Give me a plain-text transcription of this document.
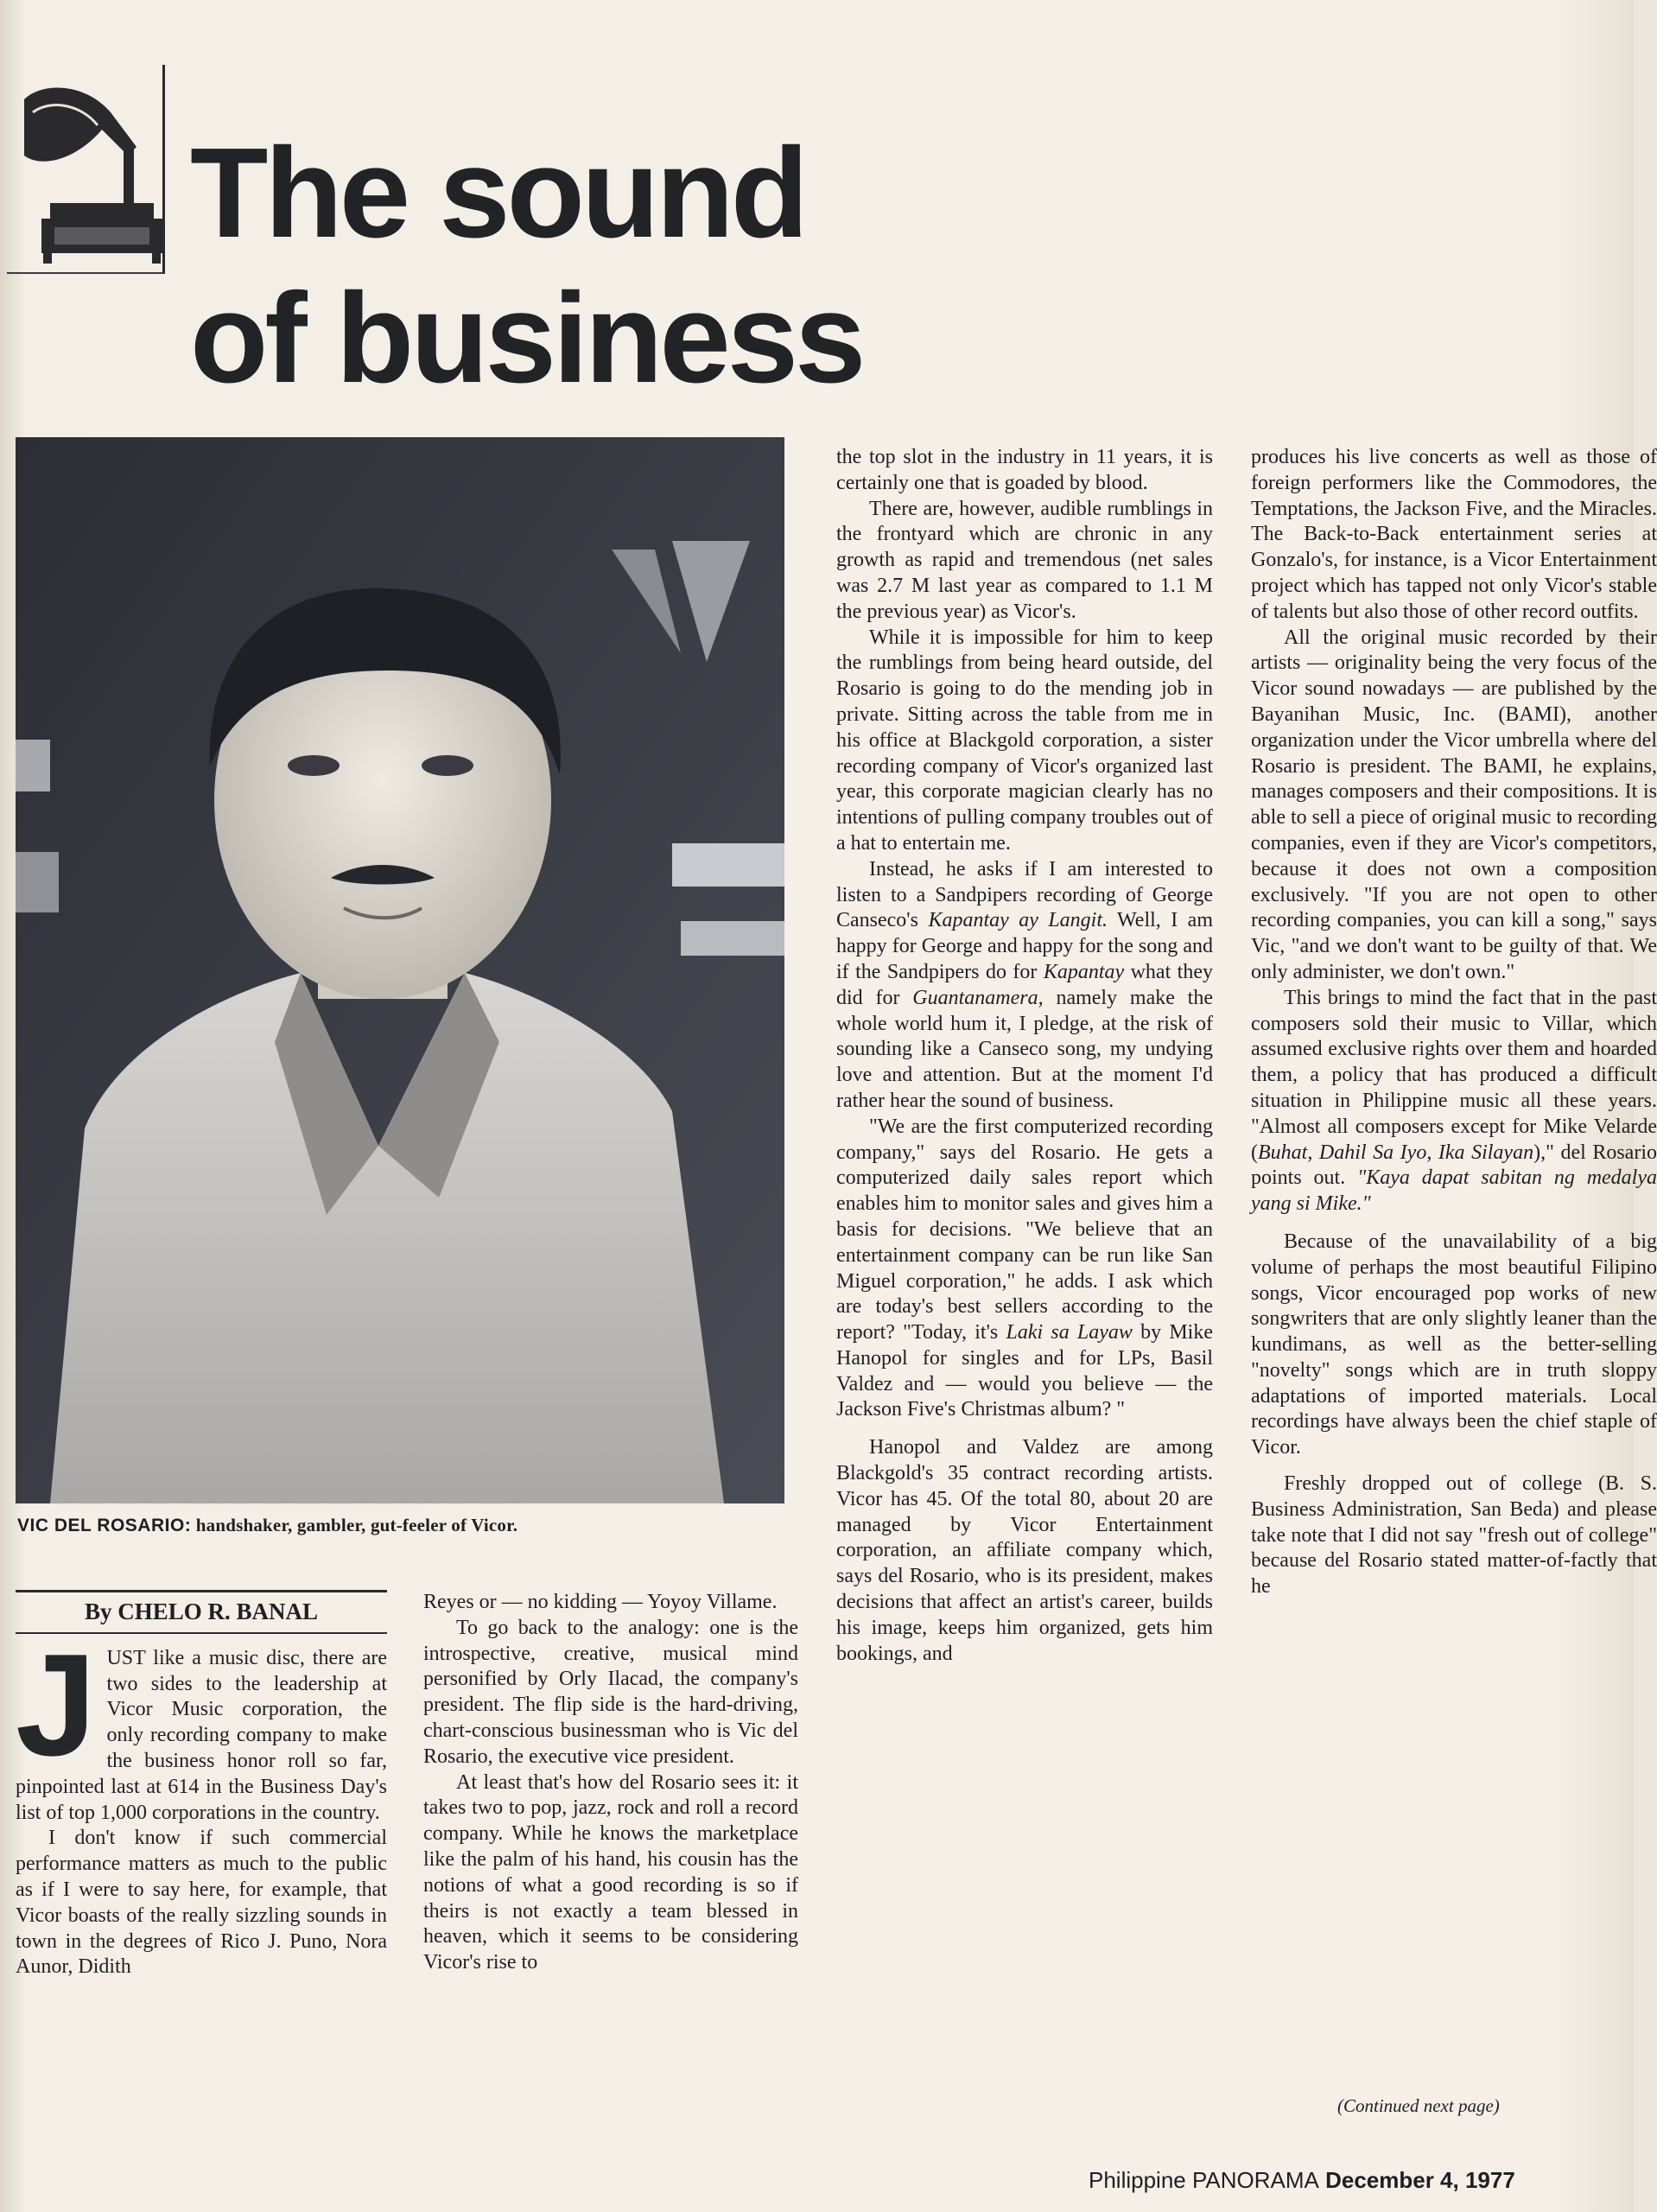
The sound
of business
VIC DEL ROSARIO: handshaker, gambler, gut-feeler of Vicor.
By CHELO R. BANAL

JUST like a music disc, there are two sides to the leadership at Vicor Music corporation, the only recording company to make the business honor roll so far, pinpointed last at 614 in the Business Day's list of top 1,000 corporations in the country.

I don't know if such commercial performance matters as much to the public as if I were to say here, for example, that Vicor boasts of the really sizzling sounds in town in the degrees of Rico J. Puno, Nora Aunor, Didith

Reyes or — no kidding — Yoyoy Villame.

To go back to the analogy: one is the introspective, creative, musical mind personified by Orly Ilacad, the company's president. The flip side is the hard-driving, chart-conscious businessman who is Vic del Rosario, the executive vice president.

At least that's how del Rosario sees it: it takes two to pop, jazz, rock and roll a record company. While he knows the marketplace like the palm of his hand, his cousin has the notions of what a good recording is so if theirs is not exactly a team blessed in heaven, which it seems to be considering Vicor's rise to

the top slot in the industry in 11 years, it is certainly one that is goaded by blood.

There are, however, audible rumblings in the frontyard which are chronic in any growth as rapid and tremendous (net sales was 2.7 M last year as compared to 1.1 M the previous year) as Vicor's.

While it is impossible for him to keep the rumblings from being heard outside, del Rosario is going to do the mending job in private. Sitting across the table from me in his office at Blackgold corporation, a sister recording company of Vicor's organized last year, this corporate magician clearly has no intentions of pulling company troubles out of a hat to entertain me.

Instead, he asks if I am interested to listen to a Sandpipers recording of George Canseco's Kapantay ay Langit. Well, I am happy for George and happy for the song and if the Sandpipers do for Kapantay what they did for Guantanamera, namely make the whole world hum it, I pledge, at the risk of sounding like a Canseco song, my undying love and attention. But at the moment I'd rather hear the sound of business.

"We are the first computerized recording company," says del Rosario. He gets a computerized daily sales report which enables him to monitor sales and gives him a basis for decisions. "We believe that an entertainment company can be run like San Miguel corporation," he adds. I ask which are today's best sellers according to the report? "Today, it's Laki sa Layaw by Mike Hanopol for singles and for LPs, Basil Valdez and — would you believe — the Jackson Five's Christmas album? "

Hanopol and Valdez are among Blackgold's 35 contract recording artists. Vicor has 45. Of the total 80, about 20 are managed by Vicor Entertainment corporation, an affiliate company which, says del Rosario, who is its president, makes decisions that affect an artist's career, builds his image, keeps him organized, gets him bookings, and

produces his live concerts as well as those of foreign performers like the Commodores, the Temptations, the Jackson Five, and the Miracles. The Back-to-Back entertainment series at Gonzalo's, for instance, is a Vicor Entertainment project which has tapped not only Vicor's stable of talents but also those of other record outfits.

All the original music recorded by their artists — originality being the very focus of the Vicor sound nowadays — are published by the Bayanihan Music, Inc. (BAMI), another organization under the Vicor umbrella where del Rosario is president. The BAMI, he explains, manages composers and their compositions. It is able to sell a piece of original music to recording companies, even if they are Vicor's competitors, because it does not own a composition exclusively. "If you are not open to other recording companies, you can kill a song," says Vic, "and we don't want to be guilty of that. We only administer, we don't own."

This brings to mind the fact that in the past composers sold their music to Villar, which assumed exclusive rights over them and hoarded them, a policy that has produced a difficult situation in Philippine music all these years. "Almost all composers except for Mike Velarde (Buhat, Dahil Sa Iyo, Ika Silayan)," del Rosario points out. "Kaya dapat sabitan ng medalya yang si Mike."

Because of the unavailability of a big volume of perhaps the most beautiful Filipino songs, Vicor encouraged pop works of new songwriters that are only slightly leaner than the kundimans, as well as the better-selling "novelty" songs which are in truth sloppy adaptations of imported materials. Local recordings have always been the chief staple of Vicor.

Freshly dropped out of college (B. S. Business Administration, San Beda) and please take note that I did not say "fresh out of college" because del Rosario stated matter-of-factly that he

(Continued next page)
Philippine PANORAMA December 4, 1977
